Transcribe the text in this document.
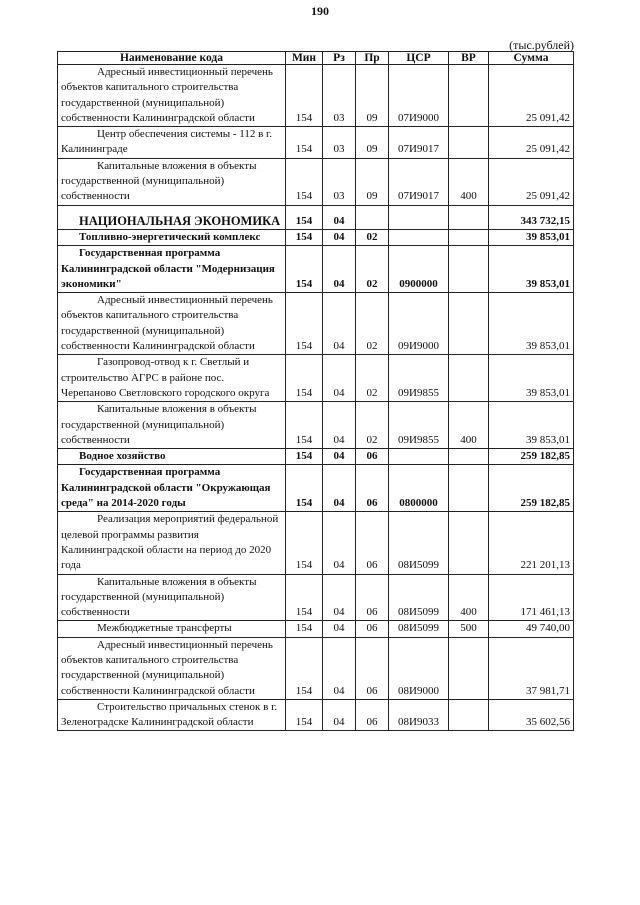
190
(тыс.рублей)
Наименование кода	Мин	Рз	Пр	ЦСР	ВР	Сумма

Адресный инвестиционный перечень объектов капитального строительства государственной (муниципальной) собственности Калининградской области	154	03	09	07И9000		25 091,42

Центр обеспечения системы - 112 в г. Калининграде	154	03	09	07И9017		25 091,42

Капитальные вложения в объекты государственной (муниципальной) собственности	154	03	09	07И9017	400	25 091,42

НАЦИОНАЛЬНАЯ ЭКОНОМИКА	154	04				343 732,15

Топливно-энергетический комплекс	154	04	02			39 853,01

Государственная программа Калининградской области "Модернизация экономики"	154	04	02	0900000		39 853,01

Адресный инвестиционный перечень объектов капитального строительства государственной (муниципальной) собственности Калининградской области	154	04	02	09И9000		39 853,01

Газопровод-отвод к г. Светлый и строительство АГРС в районе пос. Черепаново Светловского городского округа	154	04	02	09И9855		39 853,01

Капитальные вложения в объекты государственной (муниципальной) собственности	154	04	02	09И9855	400	39 853,01

Водное хозяйство	154	04	06			259 182,85

Государственная программа Калининградской области "Окружающая среда" на 2014-2020 годы	154	04	06	0800000		259 182,85

Реализация мероприятий федеральной целевой программы развития Калининградской области на период до 2020 года	154	04	06	08И5099		221 201,13

Капитальные вложения в объекты государственной (муниципальной) собственности	154	04	06	08И5099	400	171 461,13

Межбюджетные трансферты	154	04	06	08И5099	500	49 740,00

Адресный инвестиционный перечень объектов капитального строительства государственной (муниципальной) собственности Калининградской области	154	04	06	08И9000		37 981,71

Строительство причальных стенок в г. Зеленоградске Калининградской области	154	04	06	08И9033		35 602,56
